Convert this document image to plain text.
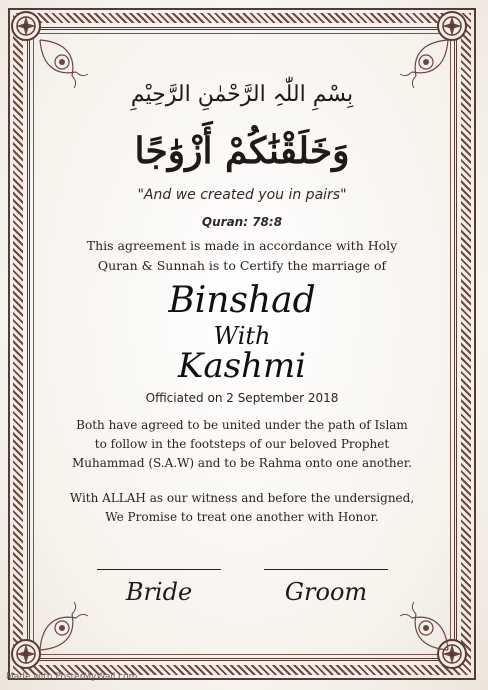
بِسْمِ اللّٰہِ الرَّحْمٰنِ الرَّحِیْمِ
وَخَلَقْنَٰكُمْ أَزْوَٰجًا
"And we created you in pairs"
Quran: 78:8
This agreement is made in accordance with Holy
Quran & Sunnah is to Certify the marriage of
Binshad
With
Kashmi
Officiated on 2 September 2018
Both have agreed to be united under the path of Islam
to follow in the footsteps of our beloved Prophet
Muhammad (S.A.W) and to be Rahma onto one another.
With ALLAH as our witness and before the undersigned,
We Promise to treat one another with Honor.
Bride	Groom
Made with PosterMyWall.com
